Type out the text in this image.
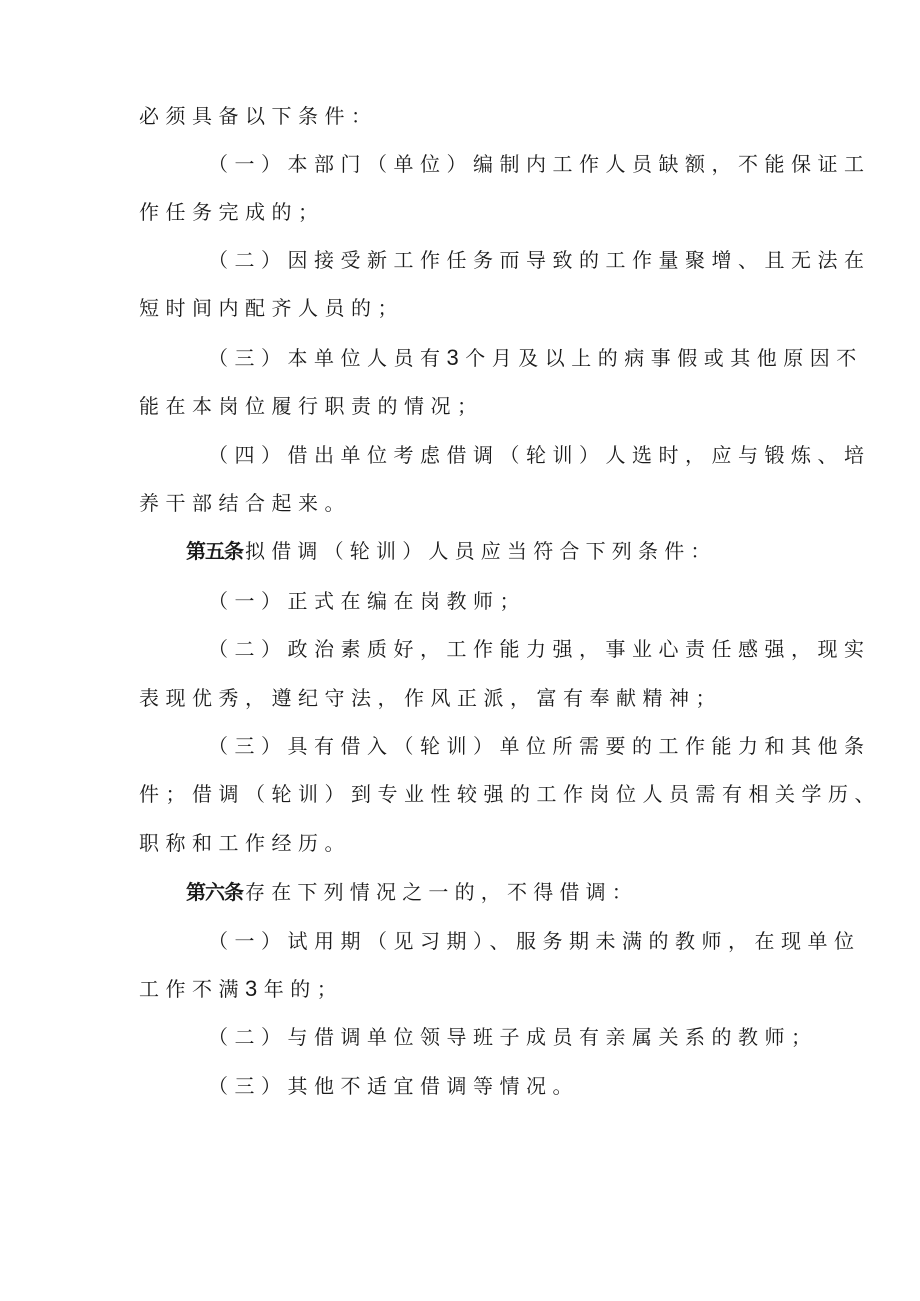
必须具备以下条件：
（一）本部门（单位）编制内工作人员缺额，不能保证工
作任务完成的；
（二）因接受新工作任务而导致的工作量聚增、且无法在
短时间内配齐人员的；
（三）本单位人员有3个月及以上的病事假或其他原因不
能在本岗位履行职责的情况；
（四）借出单位考虑借调（轮训）人选时，应与锻炼、培
养干部结合起来。
第五条 拟借调（轮训）人员应当符合下列条件：
（一）正式在编在岗教师；
（二）政治素质好，工作能力强，事业心责任感强，现实
表现优秀，遵纪守法，作风正派，富有奉献精神；
（三）具有借入（轮训）单位所需要的工作能力和其他条
件；借调（轮训）到专业性较强的工作岗位人员需有相关学历、
职称和工作经历。
第六条 存在下列情况之一的，不得借调：
（一）试用期（见习期）、服务期未满的教师，在现单位
工作不满3年的；
（二）与借调单位领导班子成员有亲属关系的教师；
（三）其他不适宜借调等情况。
